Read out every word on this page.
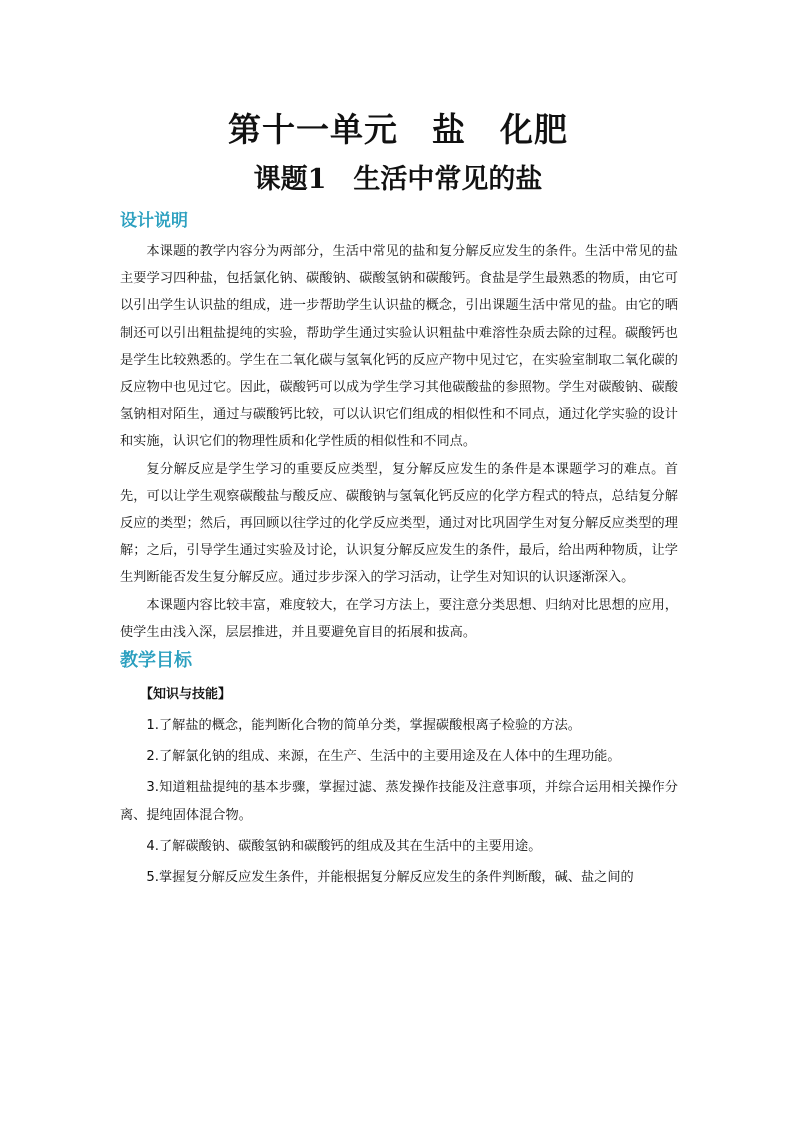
第十一单元　盐　化肥
课题1　生活中常见的盐
设计说明

本课题的教学内容分为两部分，生活中常见的盐和复分解反应发生的条件。生活中常见的盐主要学习四种盐，包括氯化钠、碳酸钠、碳酸氢钠和碳酸钙。食盐是学生最熟悉的物质，由它可以引出学生认识盐的组成，进一步帮助学生认识盐的概念，引出课题生活中常见的盐。由它的晒制还可以引出粗盐提纯的实验，帮助学生通过实验认识粗盐中难溶性杂质去除的过程。碳酸钙也是学生比较熟悉的。学生在二氧化碳与氢氧化钙的反应产物中见过它，在实验室制取二氧化碳的反应物中也见过它。因此，碳酸钙可以成为学生学习其他碳酸盐的参照物。学生对碳酸钠、碳酸氢钠相对陌生，通过与碳酸钙比较，可以认识它们组成的相似性和不同点，通过化学实验的设计和实施，认识它们的物理性质和化学性质的相似性和不同点。

复分解反应是学生学习的重要反应类型，复分解反应发生的条件是本课题学习的难点。首先，可以让学生观察碳酸盐与酸反应、碳酸钠与氢氧化钙反应的化学方程式的特点，总结复分解反应的类型；然后，再回顾以往学过的化学反应类型，通过对比巩固学生对复分解反应类型的理解；之后，引导学生通过实验及讨论，认识复分解反应发生的条件，最后，给出两种物质，让学生判断能否发生复分解反应。通过步步深入的学习活动，让学生对知识的认识逐渐深入。

本课题内容比较丰富，难度较大，在学习方法上，要注意分类思想、归纳对比思想的应用，使学生由浅入深，层层推进，并且要避免盲目的拓展和拔高。

教学目标
【知识与技能】

1.了解盐的概念，能判断化合物的简单分类，掌握碳酸根离子检验的方法。

2.了解氯化钠的组成、来源，在生产、生活中的主要用途及在人体中的生理功能。

3.知道粗盐提纯的基本步骤，掌握过滤、蒸发操作技能及注意事项，并综合运用相关操作分离、提纯固体混合物。

4.了解碳酸钠、碳酸氢钠和碳酸钙的组成及其在生活中的主要用途。

5.掌握复分解反应发生条件，并能根据复分解反应发生的条件判断酸，碱、盐之间的
